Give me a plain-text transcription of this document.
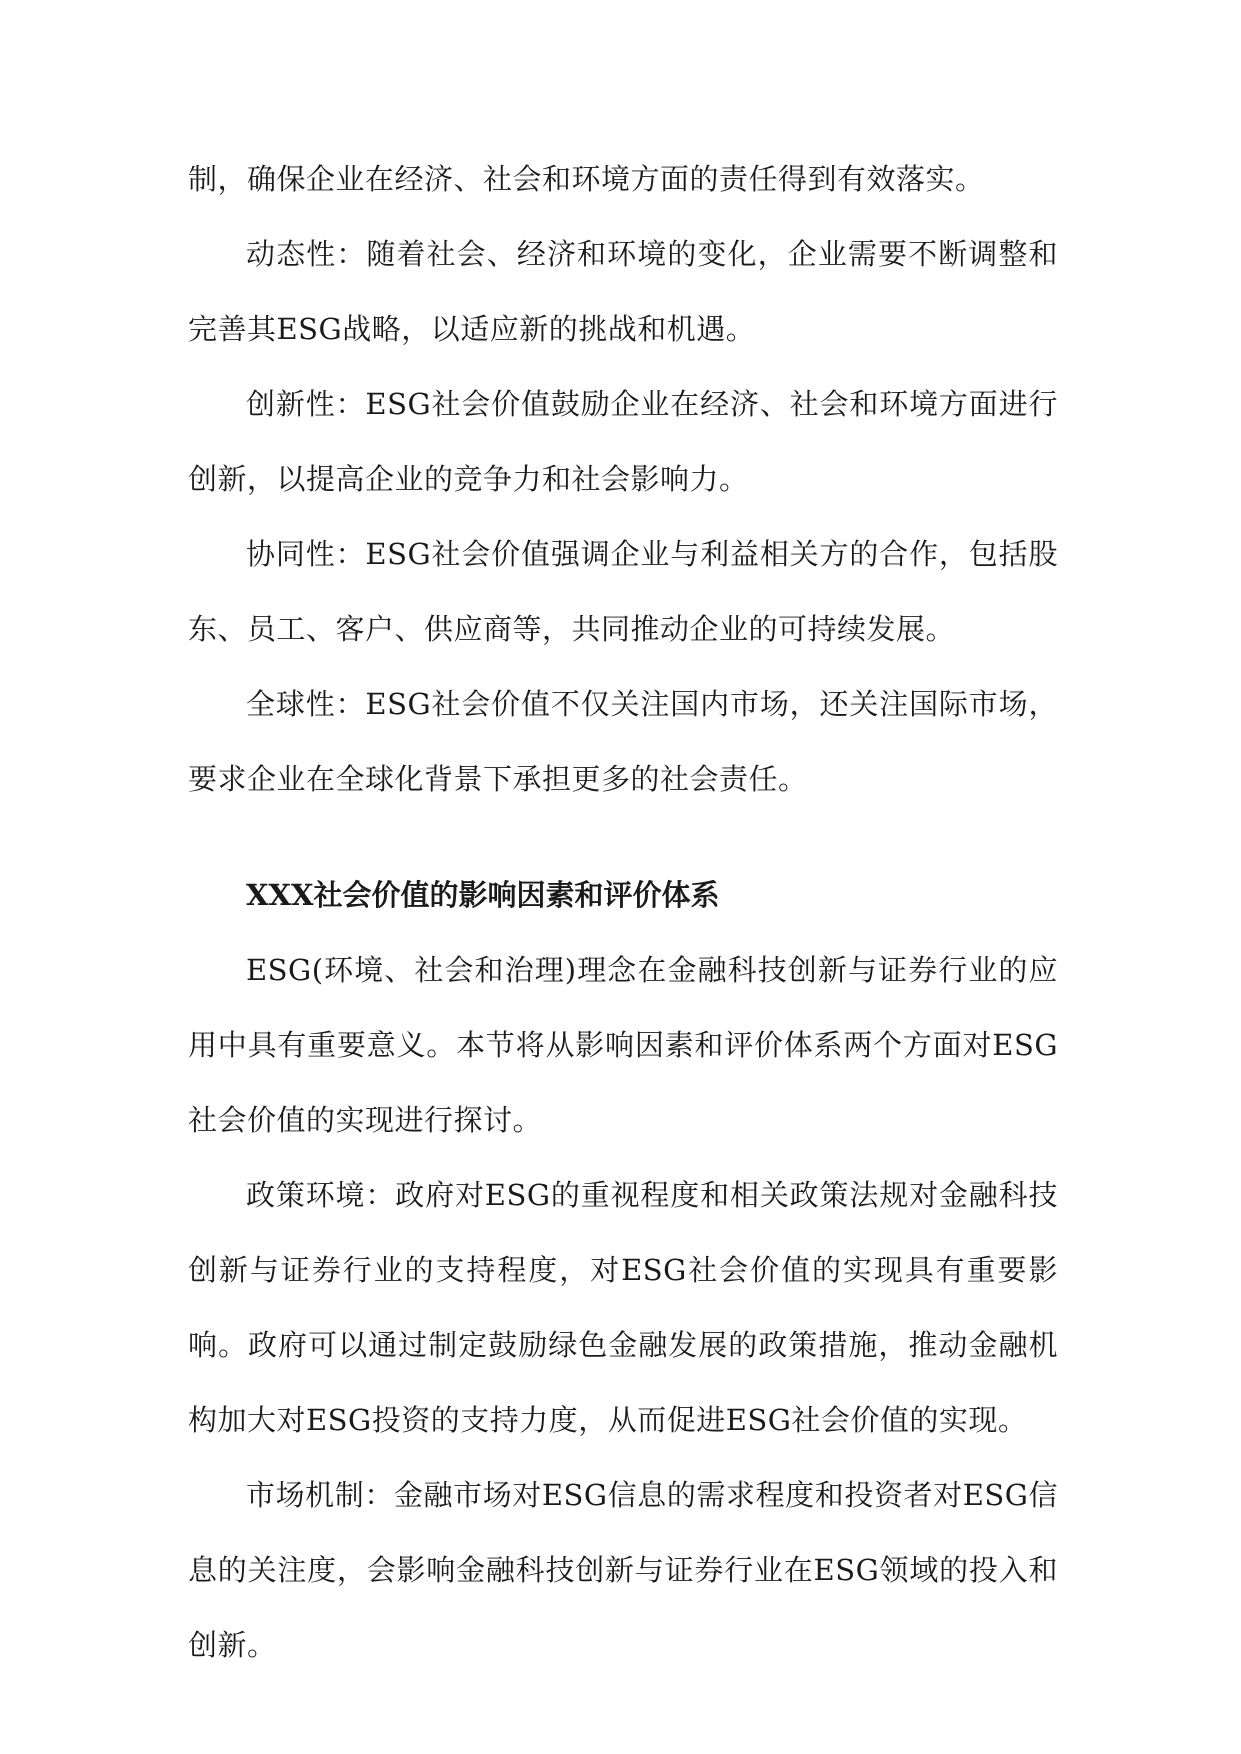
制，确保企业在经济、社会和环境方面的责任得到有效落实。

动态性：随着社会、经济和环境的变化，企业需要不断调整和完善其ESG战略，以适应新的挑战和机遇。

创新性：ESG社会价值鼓励企业在经济、社会和环境方面进行创新，以提高企业的竞争力和社会影响力。

协同性：ESG社会价值强调企业与利益相关方的合作，包括股东、员工、客户、供应商等，共同推动企业的可持续发展。

全球性：ESG社会价值不仅关注国内市场，还关注国际市场，要求企业在全球化背景下承担更多的社会责任。

XXX社会价值的影响因素和评价体系

ESG(环境、社会和治理)理念在金融科技创新与证券行业的应用中具有重要意义。本节将从影响因素和评价体系两个方面对ESG社会价值的实现进行探讨。

政策环境：政府对ESG的重视程度和相关政策法规对金融科技创新与证券行业的支持程度，对ESG社会价值的实现具有重要影响。政府可以通过制定鼓励绿色金融发展的政策措施，推动金融机构加大对ESG投资的支持力度，从而促进ESG社会价值的实现。

市场机制：金融市场对ESG信息的需求程度和投资者对ESG信息的关注度，会影响金融科技创新与证券行业在ESG领域的投入和创新。
